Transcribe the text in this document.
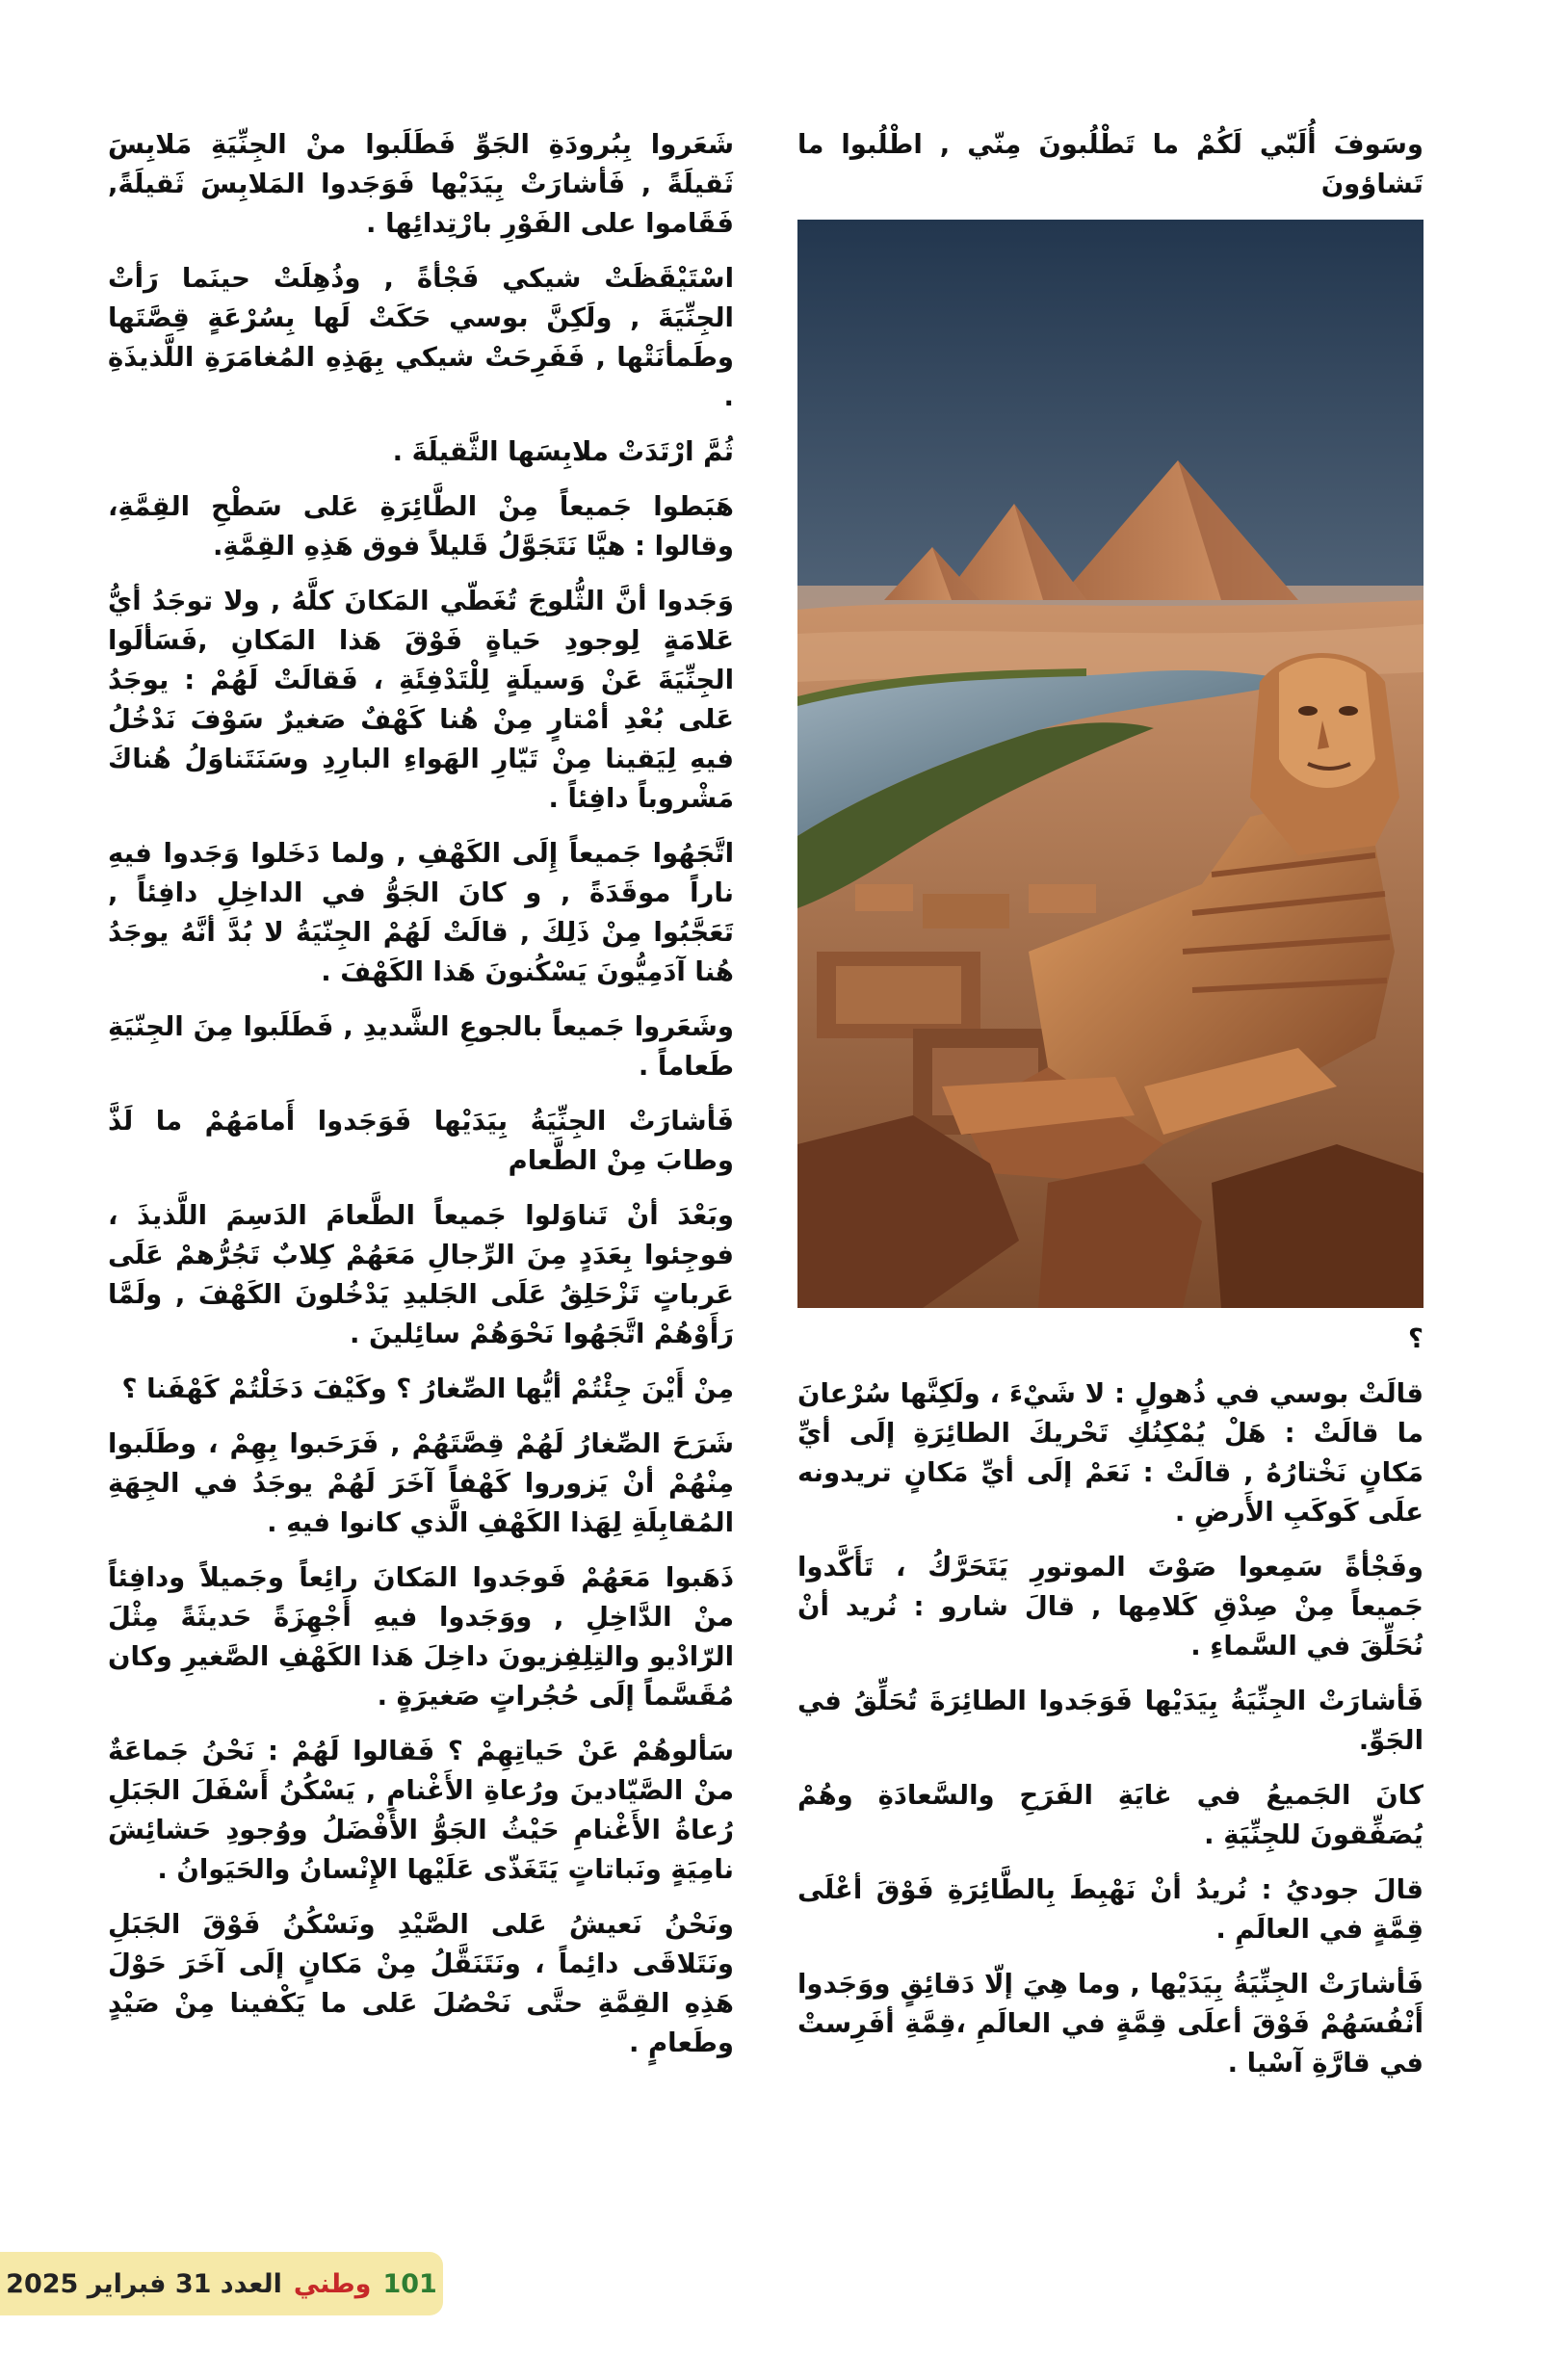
وسَوفَ أُلَبّي لَكُمْ ما تَطْلُبونَ مِنّي , اطْلُبوا ما تَشاؤونَ

؟

قالَتْ بوسي في ذُهولٍ : لا شَيْءَ ، ولَكِنَّها سُرْعانَ ما قالَتْ : هَلْ يُمْكِنُكِ تَحْريكَ الطائِرَةِ إلَى أيِّ مَكانٍ نَخْتارُهُ , قالَتْ : نَعَمْ إلَى أيِّ مَكانٍ تريدونه علَى كَوكَبِ الأَرضِ .

وفَجْأةً سَمِعوا صَوْتَ الموتورِ يَتَحَرَّكُ ، تَأَكَّدوا جَميعاً مِنْ صِدْقِ كَلامِها , قالَ شارو : نُريد أنْ نُحَلِّقَ في السَّماءِ .

فَأشارَتْ الجِنِّيَةُ بِيَدَيْها فَوَجَدوا الطائِرَةَ تُحَلِّقُ في الجَوِّ.

كانَ الجَميعُ في غايَةِ الفَرَحِ والسَّعادَةِ وهُمْ يُصَفِّقونَ للجِنِّيَةِ .

قالَ جوديُ : نُريدُ أنْ نَهْبِطَ بِالطَّائِرَةِ فَوْقَ أعْلَى قِمَّةٍ في العالَمِ .

فَأشارَتْ الجِنِّيَةُ بِيَدَيْها , وما هِيَ إلّا دَقائِقٍ ووَجَدوا أَنْفُسَهُمْ فَوْقَ أعلَى قِمَّةٍ في العالَمِ ،قِمَّةِ أفَرِستْ في قارَّةِ آسْيا .

شَعَروا بِبُرودَةِ الجَوِّ فَطَلَبوا منْ الجِنِّيَةِ مَلابِسَ ثَقيلَةً , فَأشارَتْ بِيَدَيْها فَوَجَدوا المَلابِسَ ثَقيلَةً, فَقَاموا على الفَوْرِ بارْتِدائِها .

اسْتَيْقَظَتْ شيكي فَجْأةً , وذُهِلَتْ حينَما رَأتْ الجِنِّيَةَ , ولَكِنَّ بوسي حَكَتْ لَها بِسُرْعَةٍ قِصَّتَها وطَمأنَتْها , فَفَرِحَتْ شيكي بِهَذِهِ المُغامَرَةِ اللَّذيذَةِ .

ثُمَّ ارْتَدَتْ ملابِسَها الثَّقيلَةَ .

هَبَطوا جَميعاً مِنْ الطَّائِرَةِ عَلى سَطْحِ القِمَّةِ، وقالوا : هيَّا نَتَجَوَّلُ قَليلاً فوق هَذِهِ القِمَّةِ.

وَجَدوا أنَّ الثُّلوجَ تُغَطّي المَكانَ كلَّهُ , ولا توجَدُ أيُّ عَلامَةٍ لِوجودِ حَياةٍ فَوْقَ هَذا المَكانِ ,فَسَألَوا الجِنِّيَةَ عَنْ وَسيلَةٍ لِلْتَدْفِئَةِ ، فَقالَتْ لَهُمْ : يوجَدُ عَلى بُعْدِ أمْتارٍ مِنْ هُنا كَهْفٌ صَغيرٌ سَوْفَ نَدْخُلُ فيهِ لِيَقينا مِنْ تَيّارِ الهَواءِ البارِدِ وسَنَتَناوَلُ هُناكَ مَشْروباً دافِئاً .

اتَّجَهُوا جَميعاً إِلَى الكَهْفِ , ولما دَخَلوا وَجَدوا فيهِ ناراً موقَدَةً , و كانَ الجَوُّ في الداخِلِ دافِئاً , تَعَجَّبُوا مِنْ ذَلِكَ , قالَتْ لَهُمْ الجِنّيَةُ لا بُدَّ أنَّهُ يوجَدُ هُنا آدَمِيُّونَ يَسْكُنونَ هَذا الكَهْفَ .

وشَعَروا جَميعاً بالجوعِ الشَّديدِ , فَطَلَبوا مِنَ الجِنّيَةِ طَعاماً .

فَأشارَتْ الجِنِّيَةُ بِيَدَيْها فَوَجَدوا أَمامَهُمْ ما لَذَّ وطابَ مِنْ الطَّعام

وبَعْدَ أنْ تَناوَلوا جَميعاً الطَّعامَ الدَسِمَ اللَّذيذَ ، فوجِئوا بِعَدَدٍ مِنَ الرِّجالِ مَعَهُمْ كِلابٌ تَجُرُّهمْ عَلَى عَرباتٍ تَزْحَلِقُ عَلَى الجَليدِ يَدْخُلونَ الكَهْفَ , ولَمَّا رَأَوْهُمْ اتَّجَهُوا نَحْوَهُمْ سائِلينَ .

مِنْ أَيْنَ جِئْتُمْ أيُّها الصِّغارُ ؟ وكَيْفَ دَخَلْتُمْ كَهْفَنا ؟

شَرَحَ الصِّغارُ لَهُمْ قِصَّتَهُمْ , فَرَحَبوا بِهِمْ ، وطَلَبوا مِنْهُمْ أنْ يَزوروا كَهْفاً آخَرَ لَهُمْ يوجَدُ في الجِهَةِ المُقابِلَةِ لِهَذا الكَهْفِ الَّذي كانوا فيهِ .

ذَهَبوا مَعَهُمْ فَوجَدوا المَكانَ رائِعاً وجَميلاً ودافِئاً منْ الدَّاخِلِ , ووَجَدوا فيهِ أَجْهِزَةً حَديثَةً مِثْلَ الرّادْيو والتِلِفِزيونَ داخِلَ هَذا الكَهْفِ الصَّغيرِ وكان مُقَسَّماً إلَى حُجُراتٍ صَغيرَةٍ .

سَألوهُمْ عَنْ حَياتِهِمْ ؟ فَقالوا لَهُمْ : نَحْنُ جَماعَةٌ منْ الصَّيّادينَ ورُعاةِ الأَغْنامِ , يَسْكُنُ أَسْفَلَ الجَبَلِ رُعاةُ الأَغْنامِ حَيْثُ الجَوُّ الأَفْضَلُ ووُجودِ حَشائِشَ نامِيَةٍ ونَباتاتٍ يَتَغَذّى عَلَيْها الإِنْسانُ والحَيَوانُ .

ونَحْنُ نَعيشُ عَلى الصَّيْدِ ونَسْكُنُ فَوْقَ الجَبَلِ ونَتَلاقَى دائِماً ، ونَتَنَقَّلُ مِنْ مَكانٍ إلَى آخَرَ حَوْلَ هَذِهِ القِمَّةِ حتَّى نَحْصُلَ عَلى ما يَكْفينا مِنْ صَيْدٍ وطَعامٍ .

101
وطني
العدد 31 فبراير 2025
